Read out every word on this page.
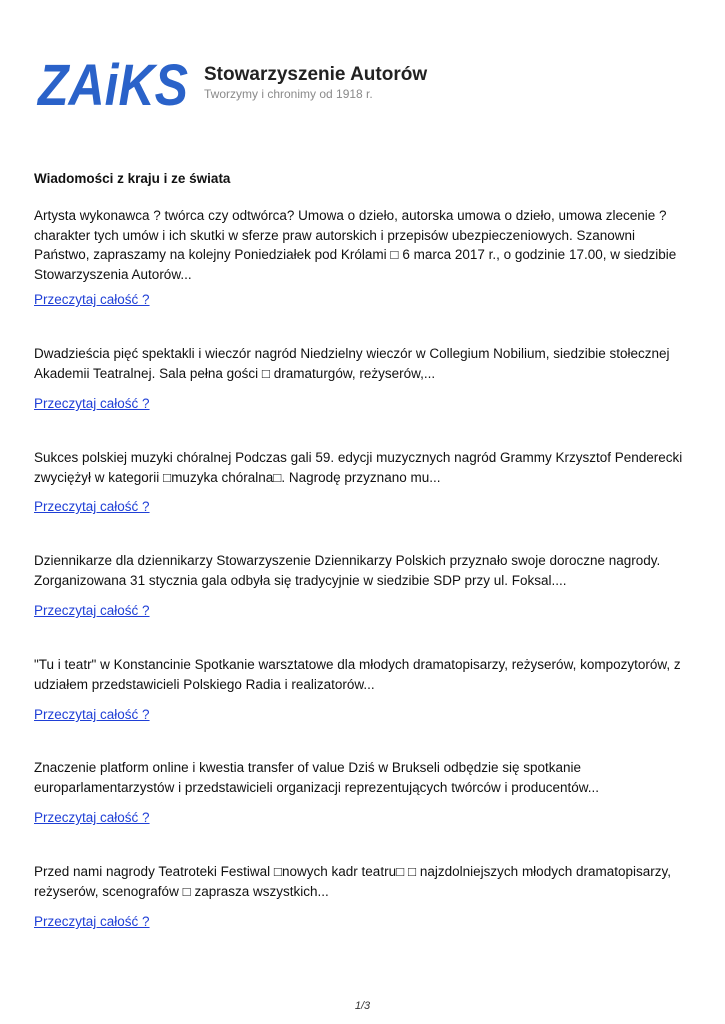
ZAiKS Stowarzyszenie Autorów
Tworzymy i chronimy od 1918 r.
Wiadomości z kraju i ze świata

Artysta wykonawca ? twórca czy odtwórca? Umowa o dzieło, autorska umowa o dzieło, umowa zlecenie ? charakter tych umów i ich skutki w sferze praw autorskich i przepisów ubezpieczeniowych. Szanowni Państwo, zapraszamy na kolejny Poniedziałek pod Królami □ 6 marca 2017 r., o godzinie 17.00, w siedzibie Stowarzyszenia Autorów...

Przeczytaj całość ?

Dwadzieścia pięć spektakli i wieczór nagród Niedzielny wieczór w Collegium Nobilium, siedzibie stołecznej Akademii Teatralnej. Sala pełna gości □ dramaturgów, reżyserów,...

Przeczytaj całość ?

Sukces polskiej muzyki chóralnej Podczas gali 59. edycji muzycznych nagród Grammy Krzysztof Penderecki zwyciężył w kategorii □muzyka chóralna□. Nagrodę przyznano mu...

Przeczytaj całość ?

Dziennikarze dla dziennikarzy Stowarzyszenie Dziennikarzy Polskich przyznało swoje doroczne nagrody. Zorganizowana 31 stycznia gala odbyła się tradycyjnie w siedzibie SDP przy ul. Foksal....

Przeczytaj całość ?

"Tu i teatr" w Konstancinie Spotkanie warsztatowe dla młodych dramatopisarzy, reżyserów, kompozytorów, z udziałem przedstawicieli Polskiego Radia i realizatorów...

Przeczytaj całość ?

Znaczenie platform online i kwestia transfer of value Dziś w Brukseli odbędzie się spotkanie europarlamentarzystów i przedstawicieli organizacji reprezentujących twórców i producentów...

Przeczytaj całość ?

Przed nami nagrody Teatroteki Festiwal □nowych kadr teatru□ □ najzdolniejszych młodych dramatopisarzy, reżyserów, scenografów □ zaprasza wszystkich...

Przeczytaj całość ?
1/3
